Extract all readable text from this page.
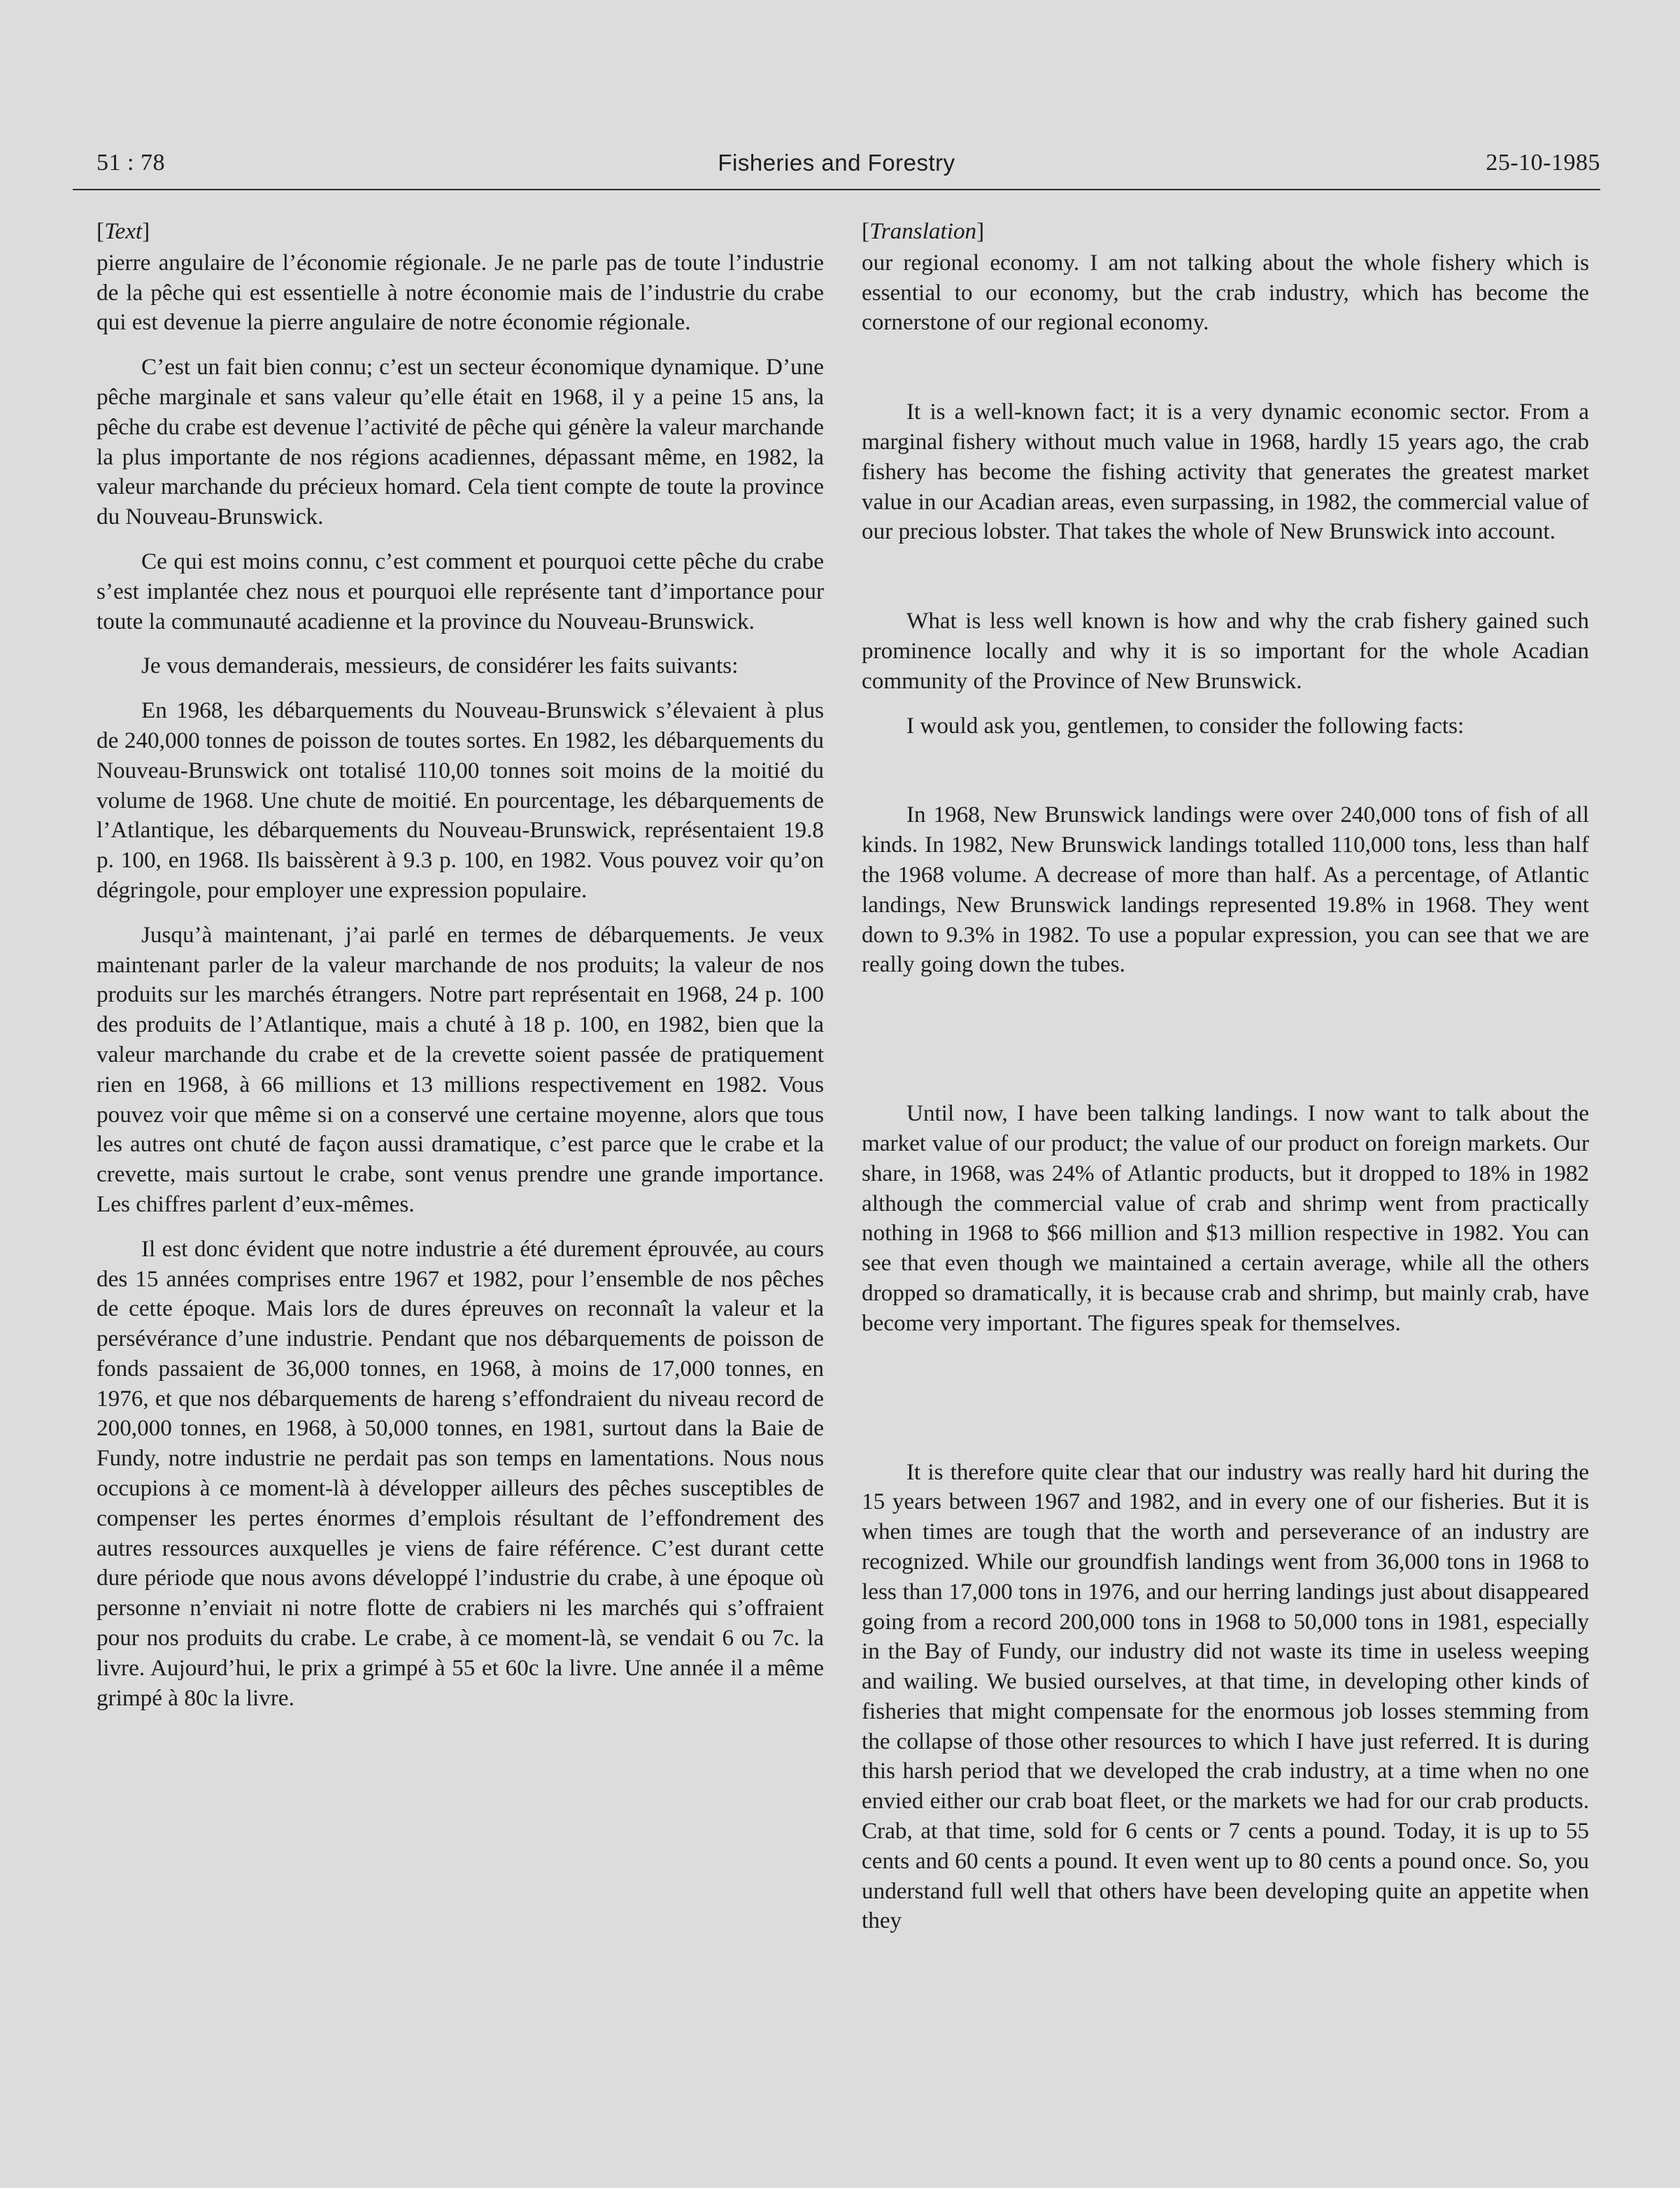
51 : 78	Fisheries and Forestry	25-10-1985
[Text]

pierre angulaire de l’économie régionale. Je ne parle pas de toute l’industrie de la pêche qui est essentielle à notre économie mais de l’industrie du crabe qui est devenue la pierre angulaire de notre économie régionale.

C’est un fait bien connu; c’est un secteur économique dynamique. D’une pêche marginale et sans valeur qu’elle était en 1968, il y a peine 15 ans, la pêche du crabe est devenue l’activité de pêche qui génère la valeur marchande la plus importante de nos régions acadiennes, dépassant même, en 1982, la valeur marchande du précieux homard. Cela tient compte de toute la province du Nouveau-Brunswick.

Ce qui est moins connu, c’est comment et pourquoi cette pêche du crabe s’est implantée chez nous et pourquoi elle représente tant d’importance pour toute la communauté acadienne et la province du Nouveau-Brunswick.

Je vous demanderais, messieurs, de considérer les faits suivants:

En 1968, les débarquements du Nouveau-Brunswick s’élevaient à plus de 240,000 tonnes de poisson de toutes sortes. En 1982, les débarquements du Nouveau-Brunswick ont totalisé 110,00 tonnes soit moins de la moitié du volume de 1968. Une chute de moitié. En pourcentage, les débarquements de l’Atlantique, les débarquements du Nouveau-Brunswick, représentaient 19.8 p. 100, en 1968. Ils baissèrent à 9.3 p. 100, en 1982. Vous pouvez voir qu’on dégringole, pour employer une expression populaire.

Jusqu’à maintenant, j’ai parlé en termes de débarquements. Je veux maintenant parler de la valeur marchande de nos produits; la valeur de nos produits sur les marchés étrangers. Notre part représentait en 1968, 24 p. 100 des produits de l’Atlantique, mais a chuté à 18 p. 100, en 1982, bien que la valeur marchande du crabe et de la crevette soient passée de pratiquement rien en 1968, à 66 millions et 13 millions respectivement en 1982. Vous pouvez voir que même si on a conservé une certaine moyenne, alors que tous les autres ont chuté de façon aussi dramatique, c’est parce que le crabe et la crevette, mais surtout le crabe, sont venus prendre une grande importance. Les chiffres parlent d’eux-mêmes.

Il est donc évident que notre industrie a été durement éprouvée, au cours des 15 années comprises entre 1967 et 1982, pour l’ensemble de nos pêches de cette époque. Mais lors de dures épreuves on reconnaît la valeur et la persévérance d’une industrie. Pendant que nos débarquements de poisson de fonds passaient de 36,000 tonnes, en 1968, à moins de 17,000 tonnes, en 1976, et que nos débarquements de hareng s’effondraient du niveau record de 200,000 tonnes, en 1968, à 50,000 tonnes, en 1981, surtout dans la Baie de Fundy, notre industrie ne perdait pas son temps en lamentations. Nous nous occupions à ce moment-là à développer ailleurs des pêches susceptibles de compenser les pertes énormes d’emplois résultant de l’effondrement des autres ressources auxquelles je viens de faire référence. C’est durant cette dure période que nous avons développé l’industrie du crabe, à une époque où personne n’enviait ni notre flotte de crabiers ni les marchés qui s’offraient pour nos produits du crabe. Le crabe, à ce moment-là, se vendait 6 ou 7c. la livre. Aujourd’hui, le prix a grimpé à 55 et 60c la livre. Une année il a même grimpé à 80c la livre.

[Translation]

our regional economy. I am not talking about the whole fishery which is essential to our economy, but the crab industry, which has become the cornerstone of our regional economy.

It is a well-known fact; it is a very dynamic economic sector. From a marginal fishery without much value in 1968, hardly 15 years ago, the crab fishery has become the fishing activity that generates the greatest market value in our Acadian areas, even surpassing, in 1982, the commercial value of our precious lobster. That takes the whole of New Brunswick into account.

What is less well known is how and why the crab fishery gained such prominence locally and why it is so important for the whole Acadian community of the Province of New Brunswick.

I would ask you, gentlemen, to consider the following facts:

In 1968, New Brunswick landings were over 240,000 tons of fish of all kinds. In 1982, New Brunswick landings totalled 110,000 tons, less than half the 1968 volume. A decrease of more than half. As a percentage, of Atlantic landings, New Brunswick landings represented 19.8% in 1968. They went down to 9.3% in 1982. To use a popular expression, you can see that we are really going down the tubes.

Until now, I have been talking landings. I now want to talk about the market value of our product; the value of our product on foreign markets. Our share, in 1968, was 24% of Atlantic products, but it dropped to 18% in 1982 although the commercial value of crab and shrimp went from practically nothing in 1968 to $66 million and $13 million respective in 1982. You can see that even though we maintained a certain average, while all the others dropped so dramatically, it is because crab and shrimp, but mainly crab, have become very important. The figures speak for themselves.

It is therefore quite clear that our industry was really hard hit during the 15 years between 1967 and 1982, and in every one of our fisheries. But it is when times are tough that the worth and perseverance of an industry are recognized. While our groundfish landings went from 36,000 tons in 1968 to less than 17,000 tons in 1976, and our herring landings just about disappeared going from a record 200,000 tons in 1968 to 50,000 tons in 1981, especially in the Bay of Fundy, our industry did not waste its time in useless weeping and wailing. We busied ourselves, at that time, in developing other kinds of fisheries that might compensate for the enormous job losses stemming from the collapse of those other resources to which I have just referred. It is during this harsh period that we developed the crab industry, at a time when no one envied either our crab boat fleet, or the markets we had for our crab products. Crab, at that time, sold for 6 cents or 7 cents a pound. Today, it is up to 55 cents and 60 cents a pound. It even went up to 80 cents a pound once. So, you understand full well that others have been developing quite an appetite when they
